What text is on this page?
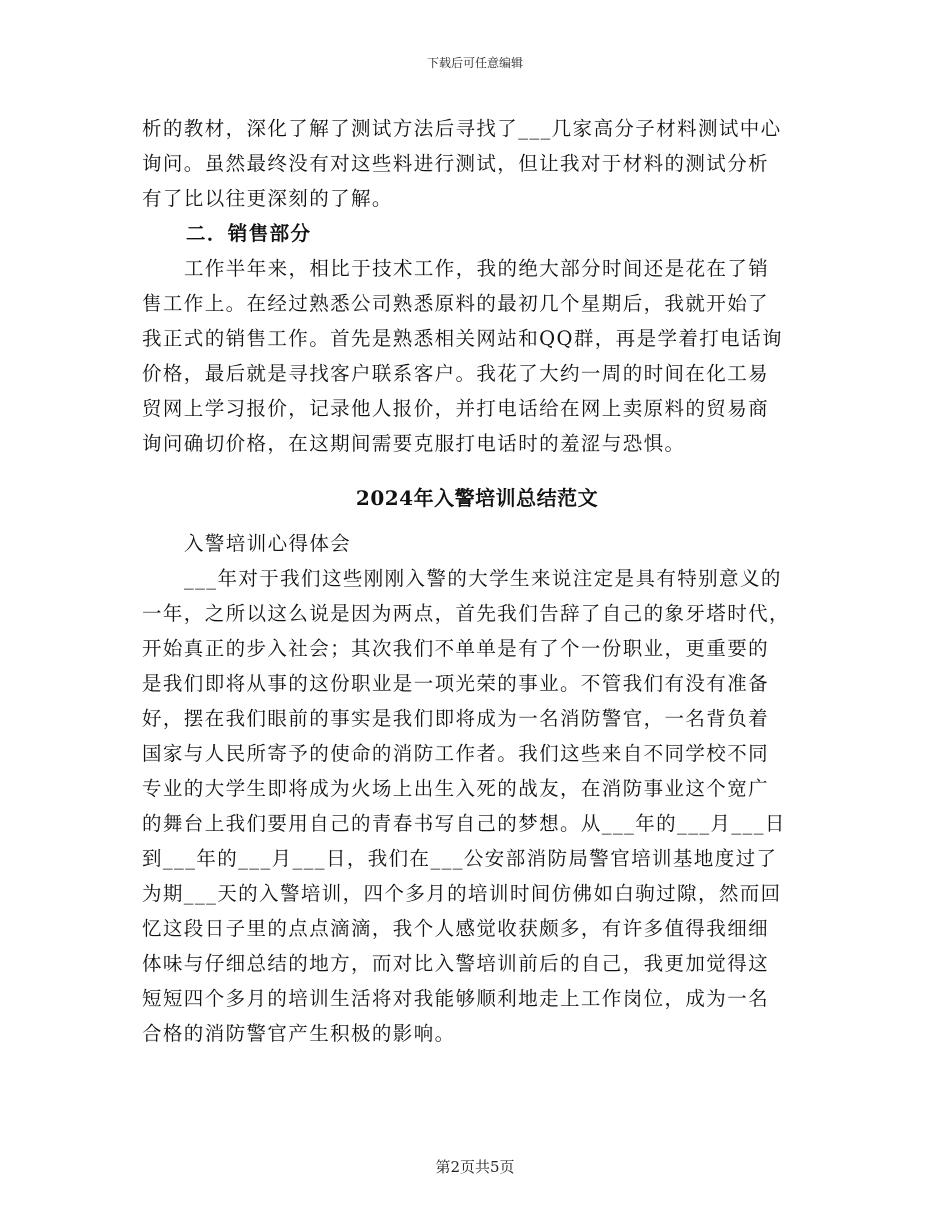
下载后可任意编辑
析的教材，深化了解了测试方法后寻找了___几家高分子材料测试中心
询问。虽然最终没有对这些料进行测试，但让我对于材料的测试分析
有了比以往更深刻的了解。
二．销售部分
工作半年来，相比于技术工作，我的绝大部分时间还是花在了销
售工作上。在经过熟悉公司熟悉原料的最初几个星期后，我就开始了
我正式的销售工作。首先是熟悉相关网站和QQ群，再是学着打电话询
价格，最后就是寻找客户联系客户。我花了大约一周的时间在化工易
贸网上学习报价，记录他人报价，并打电话给在网上卖原料的贸易商
询问确切价格，在这期间需要克服打电话时的羞涩与恐惧。
2024年入警培训总结范文
入警培训心得体会
___年对于我们这些刚刚入警的大学生来说注定是具有特别意义的
一年，之所以这么说是因为两点，首先我们告辞了自己的象牙塔时代，
开始真正的步入社会；其次我们不单单是有了个一份职业，更重要的
是我们即将从事的这份职业是一项光荣的事业。不管我们有没有准备
好，摆在我们眼前的事实是我们即将成为一名消防警官，一名背负着
国家与人民所寄予的使命的消防工作者。我们这些来自不同学校不同
专业的大学生即将成为火场上出生入死的战友，在消防事业这个宽广
的舞台上我们要用自己的青春书写自己的梦想。从___年的___月___日
到___年的___月___日，我们在___公安部消防局警官培训基地度过了
为期___天的入警培训，四个多月的培训时间仿佛如白驹过隙，然而回
忆这段日子里的点点滴滴，我个人感觉收获颇多，有许多值得我细细
体味与仔细总结的地方，而对比入警培训前后的自己，我更加觉得这
短短四个多月的培训生活将对我能够顺利地走上工作岗位，成为一名
合格的消防警官产生积极的影响。
第2页共5页
